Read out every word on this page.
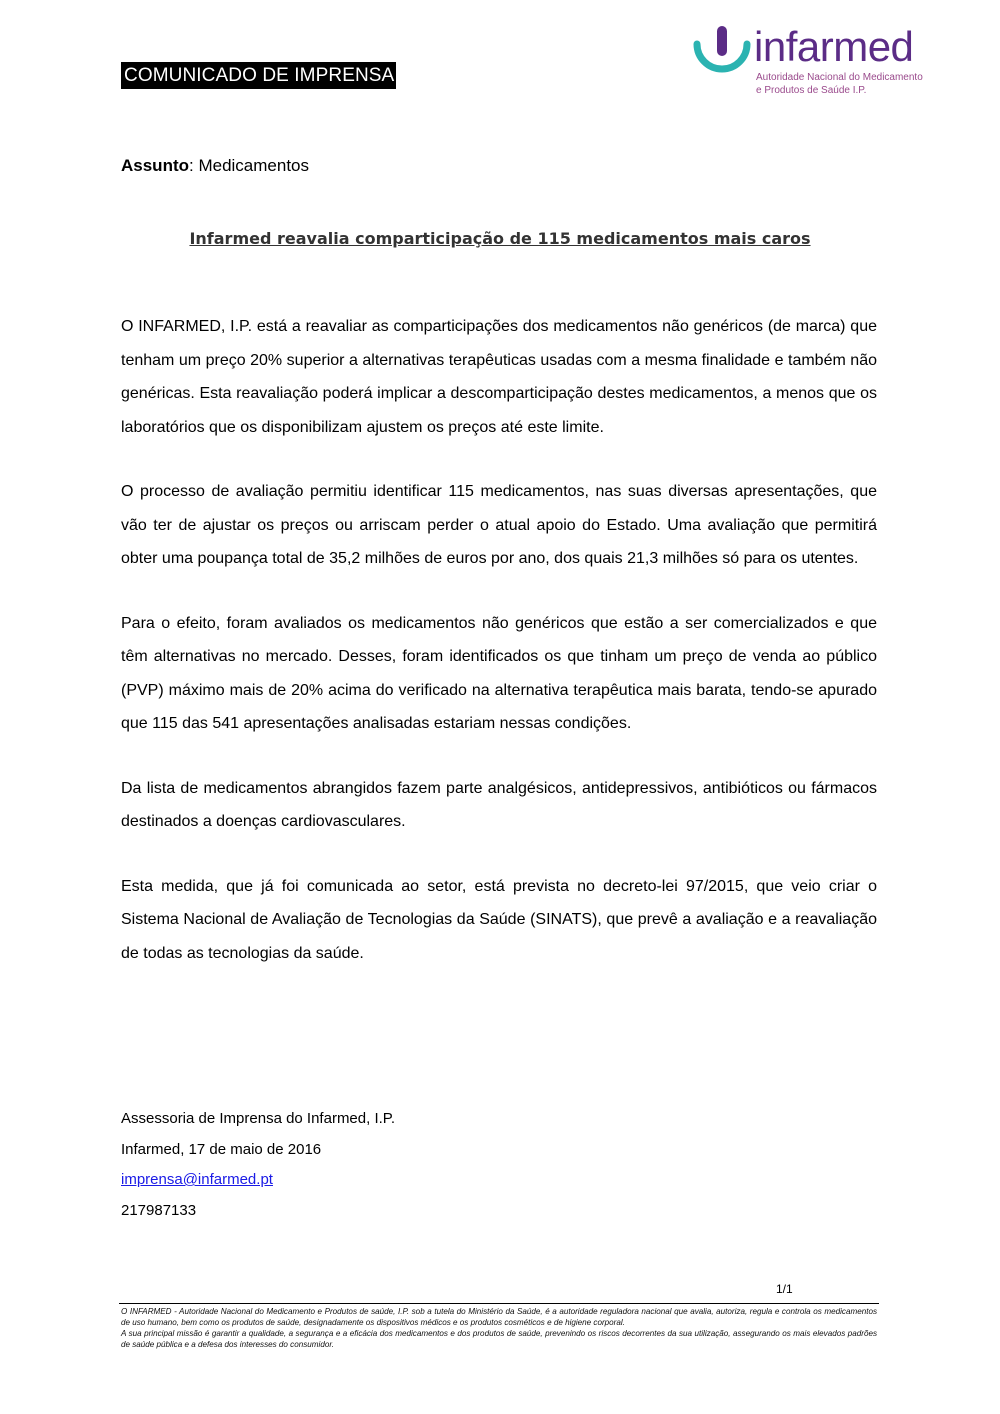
COMUNICADO DE IMPRENSA
infarmed
Autoridade Nacional do Medicamento
e Produtos de Saúde I.P.
Assunto: Medicamentos
Infarmed reavalia comparticipação de 115 medicamentos mais caros

O INFARMED, I.P. está a reavaliar as comparticipações dos medicamentos não genéricos (de marca) que tenham um preço 20% superior a alternativas terapêuticas usadas com a mesma finalidade e também não genéricas. Esta reavaliação poderá implicar a descomparticipação destes medicamentos, a menos que os laboratórios que os disponibilizam ajustem os preços até este limite.

O processo de avaliação permitiu identificar 115 medicamentos, nas suas diversas apresentações, que vão ter de ajustar os preços ou arriscam perder o atual apoio do Estado. Uma avaliação que permitirá obter uma poupança total de 35,2 milhões de euros por ano, dos quais 21,3 milhões só para os utentes.

Para o efeito, foram avaliados os medicamentos não genéricos que estão a ser comercializados e que têm alternativas no mercado. Desses, foram identificados os que tinham um preço de venda ao público (PVP) máximo mais de 20% acima do verificado na alternativa terapêutica mais barata, tendo-se apurado que 115 das 541 apresentações analisadas estariam nessas condições.

Da lista de medicamentos abrangidos fazem parte analgésicos, antidepressivos, antibióticos ou fármacos destinados a doenças cardiovasculares.

Esta medida, que já foi comunicada ao setor, está prevista no decreto-lei 97/2015, que veio criar o Sistema Nacional de Avaliação de Tecnologias da Saúde (SINATS), que prevê a avaliação e a reavaliação de todas as tecnologias da saúde.

Assessoria de Imprensa do Infarmed, I.P.
Infarmed, 17 de maio de 2016
imprensa@infarmed.pt
217987133
1/1
O INFARMED - Autoridade Nacional do Medicamento e Produtos de saúde, I.P. sob a tutela do Ministério da Saúde, é a autoridade reguladora nacional que avalia, autoriza, regula e controla os medicamentos de uso humano, bem como os produtos de saúde, designadamente os dispositivos médicos e os produtos cosméticos e de higiene corporal.
A sua principal missão é garantir a qualidade, a segurança e a eficácia dos medicamentos e dos produtos de saúde, prevenindo os riscos decorrentes da sua utilização, assegurando os mais elevados padrões de saúde pública e a defesa dos interesses do consumidor.
